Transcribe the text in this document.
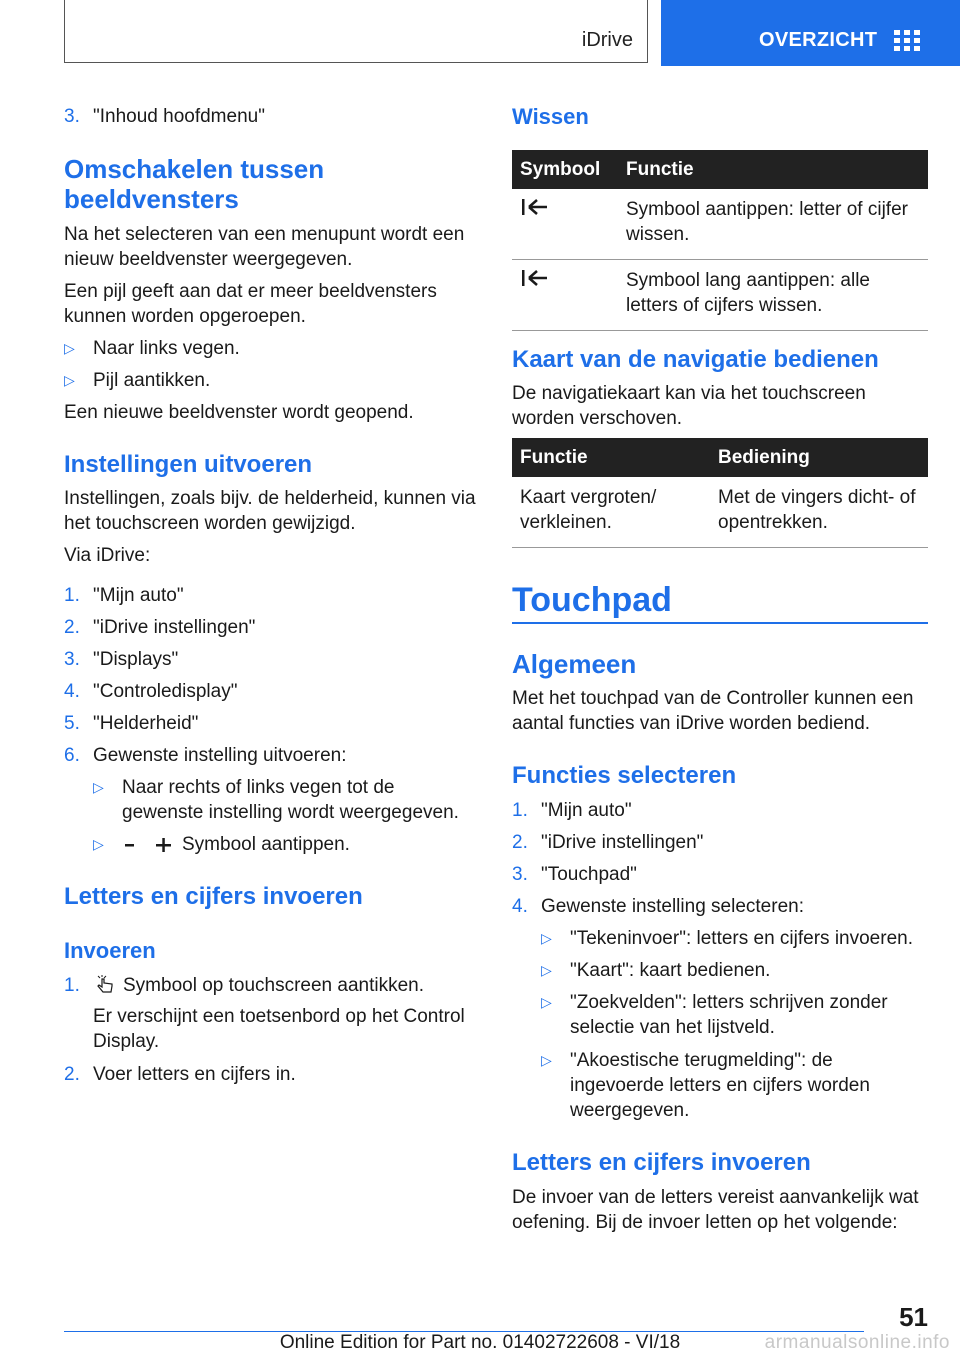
iDrive	OVERZICHT
3. "Inhoud hoofdmenu"
Omschakelen tussen beeldvensters
Na het selecteren van een menupunt wordt een nieuw beeldvenster weergegeven.
Een pijl geeft aan dat er meer beeldvensters kunnen worden opgeroepen.
▷ Naar links vegen.
▷ Pijl aantikken.
Een nieuwe beeldvenster wordt geopend.
Instellingen uitvoeren
Instellingen, zoals bijv. de helderheid, kunnen via het touchscreen worden gewijzigd.
Via iDrive:
1. "Mijn auto"
2. "iDrive instellingen"
3. "Displays"
4. "Controledisplay"
5. "Helderheid"
6. Gewenste instelling uitvoeren:
▷ Naar rechts of links vegen tot de gewenste instelling wordt weergegeven.
▷	Symbool aantippen.
Letters en cijfers invoeren
Invoeren
1. Symbool op touchscreen aantikken.
Er verschijnt een toetsenbord op het Control Display.
2. Voer letters en cijfers in.
Wissen
Symbool	Functie
	Symbool aantippen: letter of cijfer wissen.
	Symbool lang aantippen: alle letters of cijfers wissen.
Kaart van de navigatie bedienen
De navigatiekaart kan via het touchscreen worden verschoven.
Functie	Bediening
Kaart vergroten/ verkleinen.	Met de vingers dicht- of opentrekken.
Touchpad
Algemeen
Met het touchpad van de Controller kunnen een aantal functies van iDrive worden bediend.
Functies selecteren
1. "Mijn auto"
2. "iDrive instellingen"
3. "Touchpad"
4. Gewenste instelling selecteren:
▷ "Tekeninvoer": letters en cijfers invoeren.
▷ "Kaart": kaart bedienen.
▷ "Zoekvelden": letters schrijven zonder selectie van het lijstveld.
▷ "Akoestische terugmelding": de ingevoerde letters en cijfers worden weergegeven.
Letters en cijfers invoeren
De invoer van de letters vereist aanvankelijk wat oefening. Bij de invoer letten op het volgende:
51
Online Edition for Part no. 01402722608 - VI/18	armanualsonline.info
